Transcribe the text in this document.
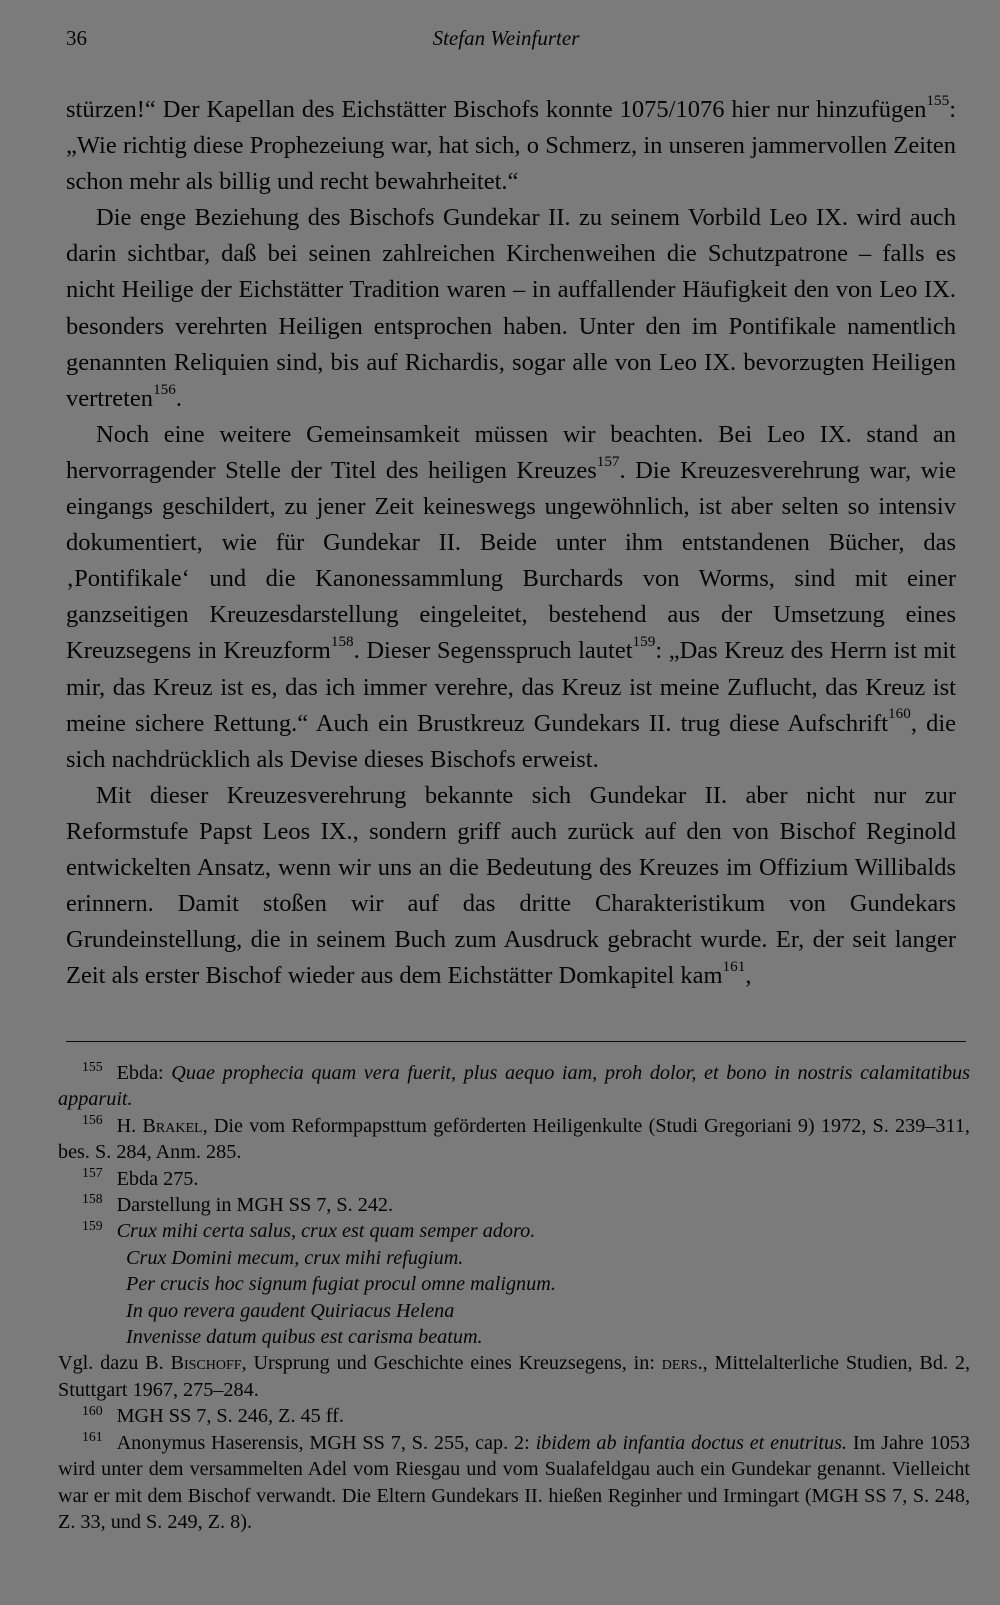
36	Stefan Weinfurter

stürzen!“ Der Kapellan des Eichstätter Bischofs konnte 1075/1076 hier nur hinzufügen$^{155}$: „Wie richtig diese Prophezeiung war, hat sich, o Schmerz, in unseren jammervollen Zeiten schon mehr als billig und recht bewahrheitet.“

Die enge Beziehung des Bischofs Gundekar II. zu seinem Vorbild Leo IX. wird auch darin sichtbar, daß bei seinen zahlreichen Kirchenweihen die Schutzpatrone – falls es nicht Heilige der Eichstätter Tradition waren – in auffallender Häufigkeit den von Leo IX. besonders verehrten Heiligen entsprochen haben. Unter den im Pontifikale namentlich genannten Reliquien sind, bis auf Richardis, sogar alle von Leo IX. bevorzugten Heiligen vertreten$^{156}$.

Noch eine weitere Gemeinsamkeit müssen wir beachten. Bei Leo IX. stand an hervorragender Stelle der Titel des heiligen Kreuzes$^{157}$. Die Kreuzesverehrung war, wie eingangs geschildert, zu jener Zeit keineswegs ungewöhnlich, ist aber selten so intensiv dokumentiert, wie für Gundekar II. Beide unter ihm entstandenen Bücher, das ‚Pontifikale‘ und die Kanonessammlung Burchards von Worms, sind mit einer ganzseitigen Kreuzesdarstellung eingeleitet, bestehend aus der Umsetzung eines Kreuzsegens in Kreuzform$^{158}$. Dieser Segensspruch lautet$^{159}$: „Das Kreuz des Herrn ist mit mir, das Kreuz ist es, das ich immer verehre, das Kreuz ist meine Zuflucht, das Kreuz ist meine sichere Rettung.“ Auch ein Brustkreuz Gundekars II. trug diese Aufschrift$^{160}$, die sich nachdrücklich als Devise dieses Bischofs erweist.

Mit dieser Kreuzesverehrung bekannte sich Gundekar II. aber nicht nur zur Reformstufe Papst Leos IX., sondern griff auch zurück auf den von Bischof Reginold entwickelten Ansatz, wenn wir uns an die Bedeutung des Kreuzes im Offizium Willibalds erinnern. Damit stoßen wir auf das dritte Charakteristikum von Gundekars Grundeinstellung, die in seinem Buch zum Ausdruck gebracht wurde. Er, der seit langer Zeit als erster Bischof wieder aus dem Eichstätter Domkapitel kam$^{161}$,

$^{155}$ Ebda: Quae prophecia quam vera fuerit, plus aequo iam, proh dolor, et bono in nostris calamitatibus apparuit.

$^{156}$ H. Brakel, Die vom Reformpapsttum geförderten Heiligenkulte (Studi Gregoriani 9) 1972, S. 239–311, bes. S. 284, Anm. 285.

$^{157}$ Ebda 275.

$^{158}$ Darstellung in MGH SS 7, S. 242.

$^{159}$ Crux mihi certa salus, crux est quam semper adoro.

Crux Domini mecum, crux mihi refugium.

Per crucis hoc signum fugiat procul omne malignum.

In quo revera gaudent Quiriacus Helena

Invenisse datum quibus est carisma beatum.

Vgl. dazu B. Bischoff, Ursprung und Geschichte eines Kreuzsegens, in: ders., Mittelalterliche Studien, Bd. 2, Stuttgart 1967, 275–284.

$^{160}$ MGH SS 7, S. 246, Z. 45 ff.

$^{161}$ Anonymus Haserensis, MGH SS 7, S. 255, cap. 2: ibidem ab infantia doctus et enutritus. Im Jahre 1053 wird unter dem versammelten Adel vom Riesgau und vom Sualafeldgau auch ein Gundekar genannt. Vielleicht war er mit dem Bischof verwandt. Die Eltern Gundekars II. hießen Reginher und Irmingart (MGH SS 7, S. 248, Z. 33, und S. 249, Z. 8).
